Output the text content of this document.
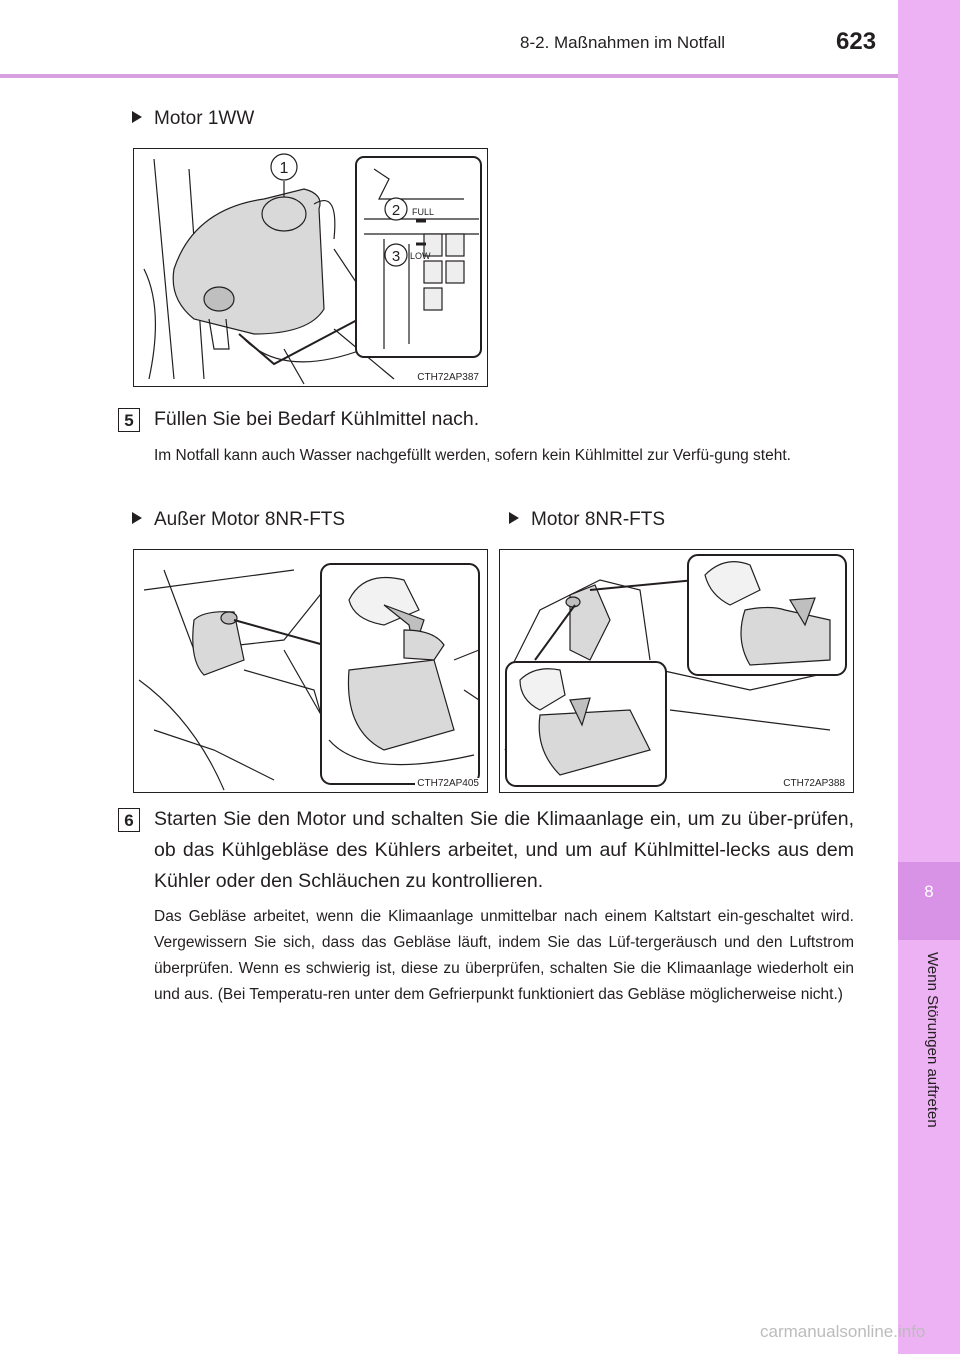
8-2. Maßnahmen im Notfall	623
8
Wenn Störungen auftreten
Motor 1WW
1
2
3
FULL
LOW
CTH72AP387
5	Füllen Sie bei Bedarf Kühlmittel nach.
Im Notfall kann auch Wasser nachgefüllt werden, sofern kein Kühlmittel zur Verfü-gung steht.
Außer Motor 8NR-FTS	Motor 8NR-FTS
CTH72AP405	CTH72AP388
6	Starten Sie den Motor und schalten Sie die Klimaanlage ein, um zu über-prüfen, ob das Kühlgebläse des Kühlers arbeitet, und um auf Kühlmittel-lecks aus dem Kühler oder den Schläuchen zu kontrollieren.
Das Gebläse arbeitet, wenn die Klimaanlage unmittelbar nach einem Kaltstart ein-geschaltet wird. Vergewissern Sie sich, dass das Gebläse läuft, indem Sie das Lüf-tergeräusch und den Luftstrom überprüfen. Wenn es schwierig ist, diese zu überprüfen, schalten Sie die Klimaanlage wiederholt ein und aus. (Bei Temperatu-ren unter dem Gefrierpunkt funktioniert das Gebläse möglicherweise nicht.)
carmanualsonline.info
